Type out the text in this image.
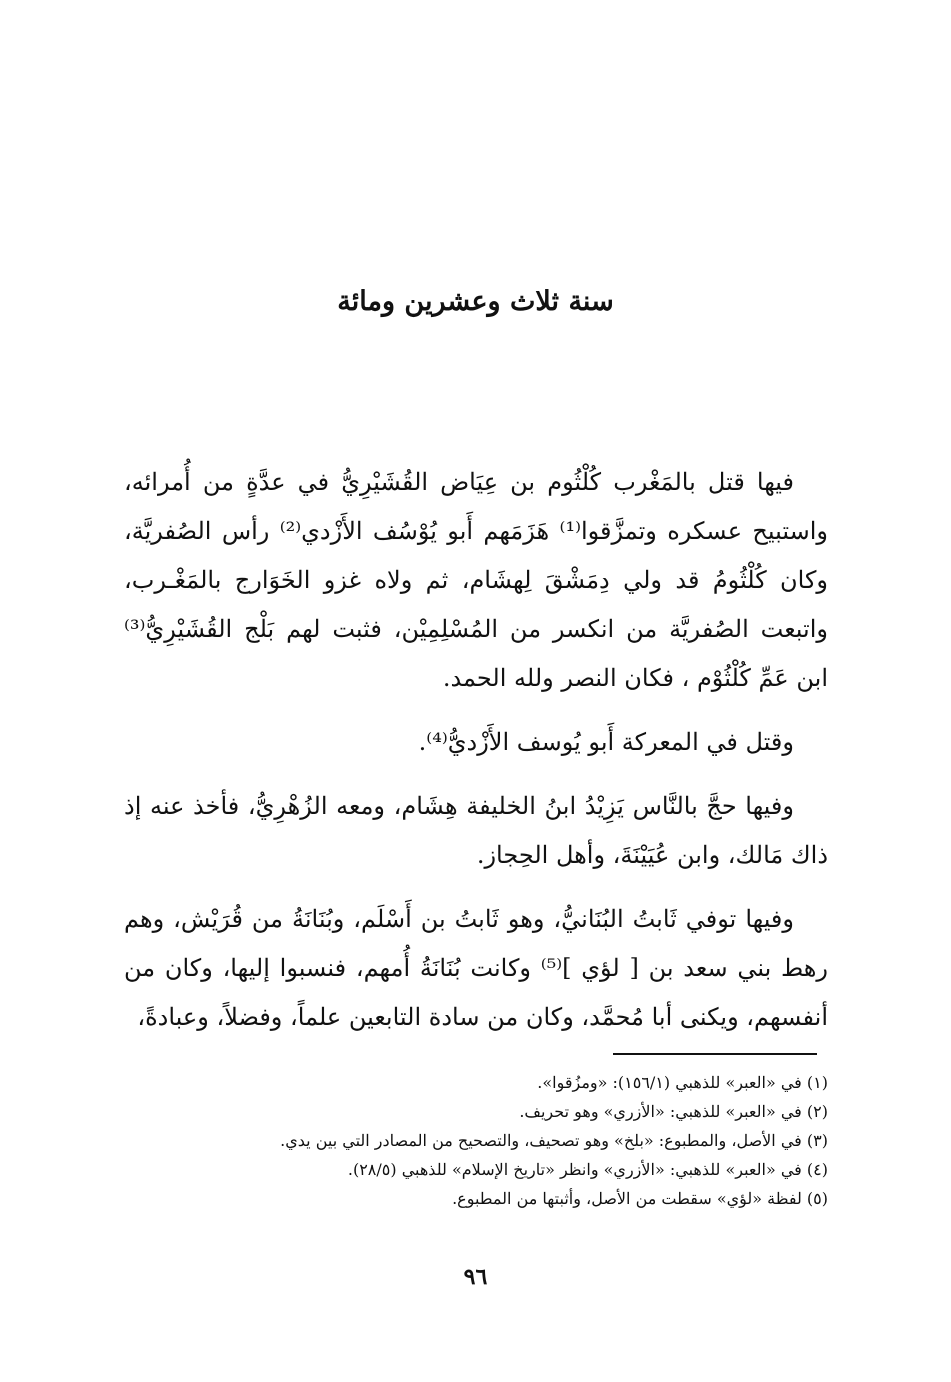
سنة ثلاث وعشرين ومائة

فيها قتل بالمَغْرب كُلْثُوم بن عِيَاض القُشَيْرِيُّ في عدَّةٍ من أُمرائه، واستبيح عسكره وتمزَّقوا⁽¹⁾ هَزَمَهم أَبو يُوْسُف الأَزْدي⁽²⁾ رأس الصُفريَّة، وكان كُلْثُومُ قد ولي دِمَشْقَ لِهشَام، ثم ولاه غزو الخَوَارج بالمَغْـرب، واتبعت الصُفريَّة من انكسر من المُسْلِمِيْن، فثبت لهم بَلْج القُشَيْرِيُّ⁽³⁾ ابن عَمِّ كُلْثُوْم ، فكان النصر ولله الحمد.

وقتل في المعركة أَبو يُوسف الأَزْديُّ⁽⁴⁾.

وفيها حجَّ بالنَّاس يَزِيْدُ ابنُ الخليفة هِشَام، ومعه الزُهْرِيُّ، فأخذ عنه إذ ذاك مَالك، وابن عُيَيْنَةَ، وأهل الحِجاز.

وفيها توفي ثَابتُ البُنَانيُّ، وهو ثَابتُ بن أَسْلَم، وبُنَانَةُ من قُرَيْش، وهم رهط بني سعد بن [ لؤي ]⁽⁵⁾ وكانت بُنَانَةُ أُمهم، فنسبوا إليها، وكان من أنفسهم، ويكنى أبا مُحمَّد، وكان من سادة التابعين علماً، وفضلاً، وعبادةً،

(١) في «العبر» للذهبي (١٥٦/١): «ومزُقوا».
(٢) في «العبر» للذهبي: «الأزري» وهو تحريف.
(٣) في الأصل، والمطبوع: «بلخ» وهو تصحيف، والتصحيح من المصادر التي بين يدي.
(٤) في «العبر» للذهبي: «الأزري» وانظر «تاريخ الإسلام» للذهبي (٢٨/٥).
(٥) لفظة «لؤي» سقطت من الأصل، وأثبتها من المطبوع.
٩٦
